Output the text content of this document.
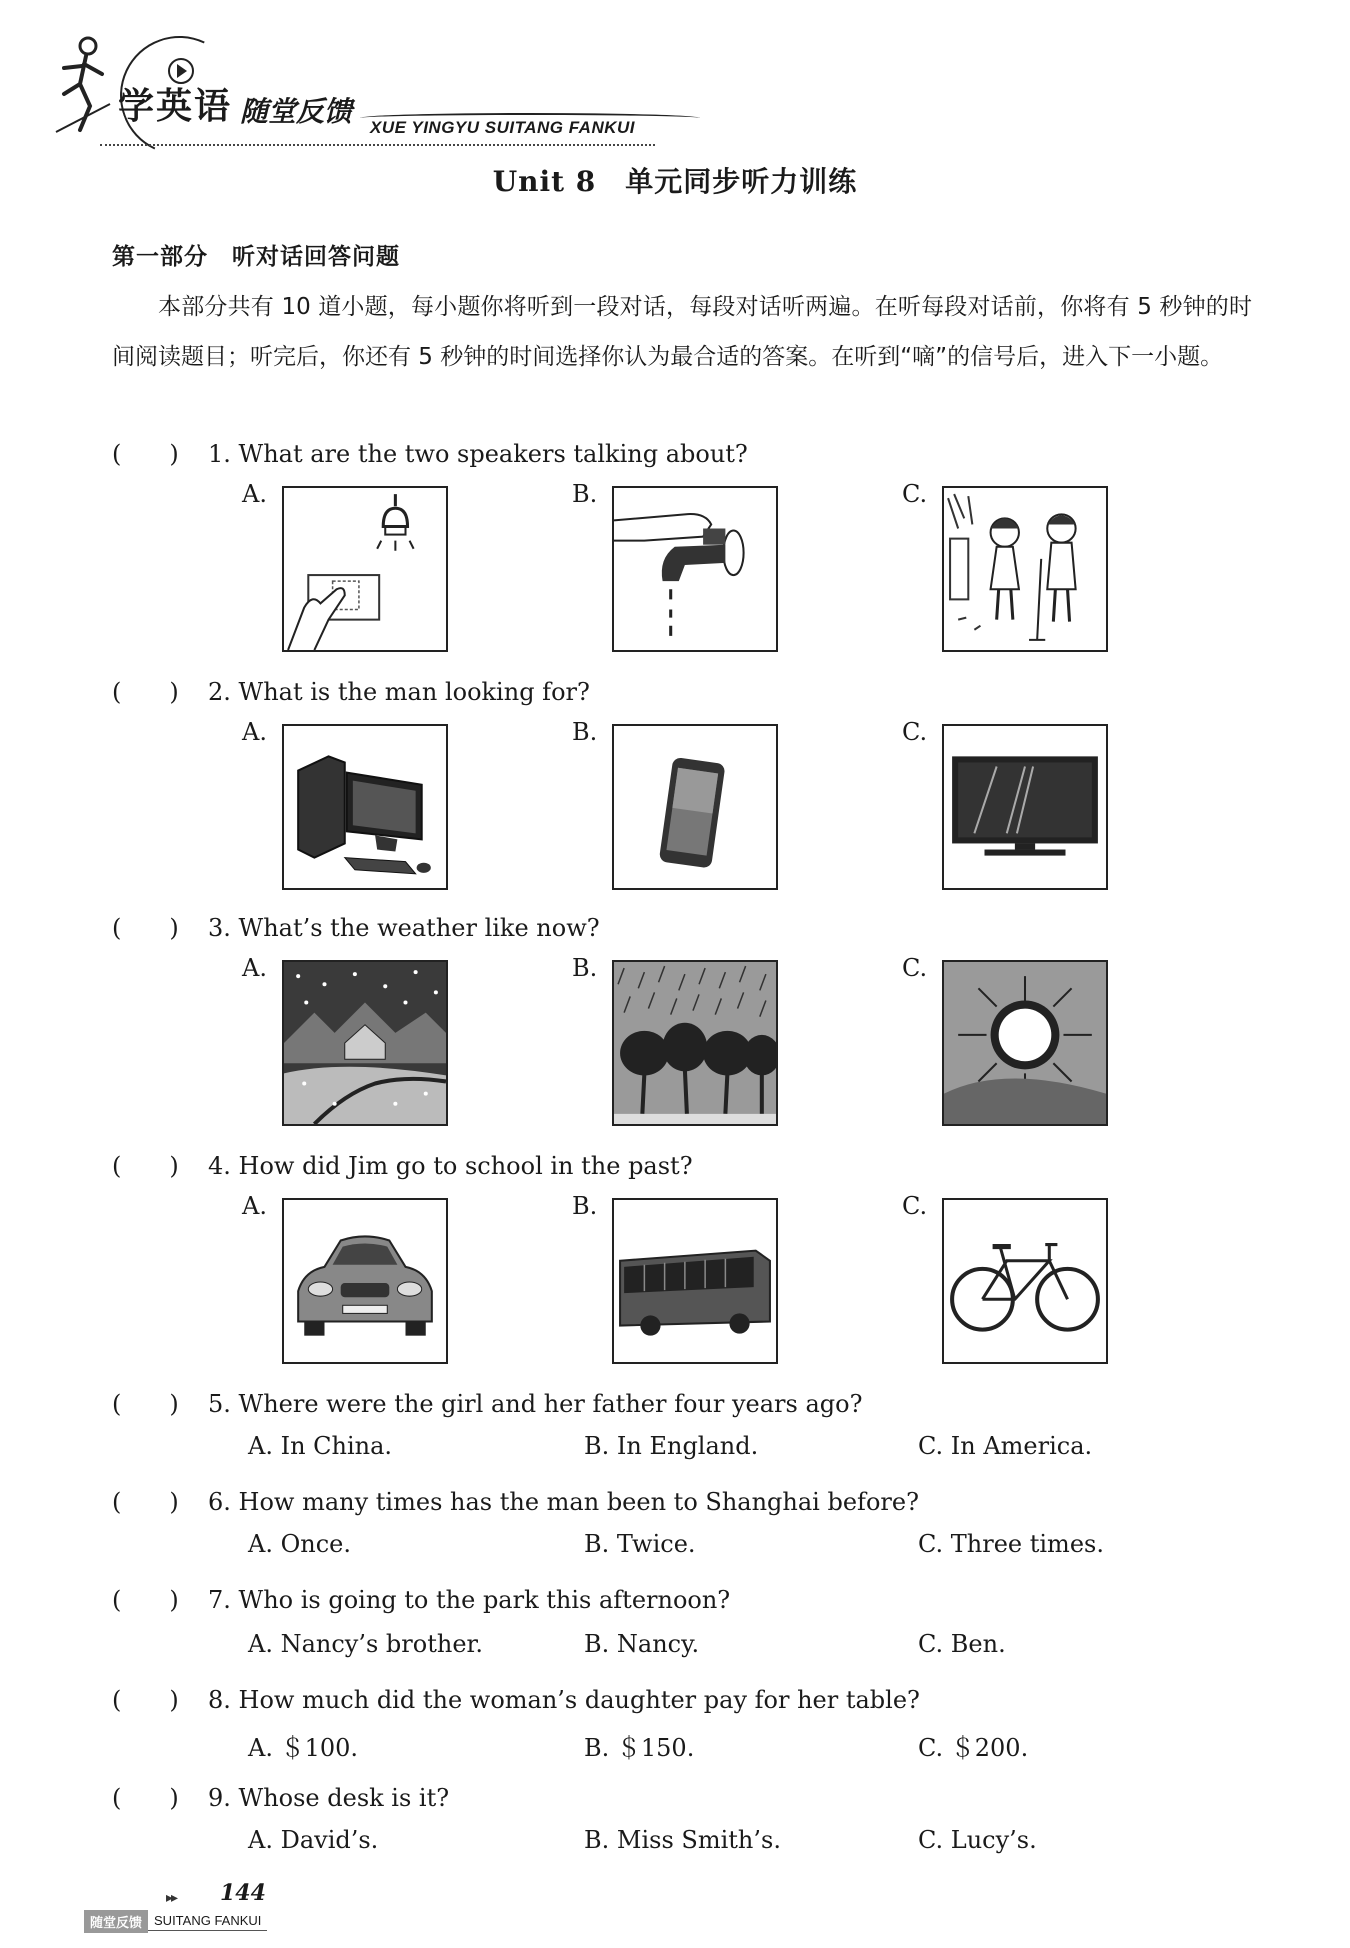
学英语 随堂反馈 XUE YINGYU SUITANG FANKUI
Unit 8　单元同步听力训练
第一部分　听对话回答问题
本部分共有 10 道小题，每小题你将听到一段对话，每段对话听两遍。在听每段对话前，你将有 5 秒钟的时间阅读题目；听完后，你还有 5 秒钟的时间选择你认为最合适的答案。在听到“嘀”的信号后，进入下一小题。
(　　) 1. What are the two speakers talking about?
A.	B.	C.
(　　) 2. What is the man looking for?
A.	B.	C.
(　　) 3. What’s the weather like now?
A.	B.	C.
(　　) 4. How did Jim go to school in the past?
A.	B.	C.
(　　) 5. Where were the girl and her father four years ago?
A. In China.	B. In England.	C. In America.
(　　) 6. How many times has the man been to Shanghai before?
A. Once.	B. Twice.	C. Three times.
(　　) 7. Who is going to the park this afternoon?
A. Nancy’s brother.	B. Nancy.	C. Ben.
(　　) 8. How much did the woman’s daughter pay for her table?
A. ＄100.	B. ＄150.	C. ＄200.
(　　) 9. Whose desk is it?
A. David’s.	B. Miss Smith’s.	C. Lucy’s.
▸▸ 144
随堂反馈 SUITANG FANKUI
